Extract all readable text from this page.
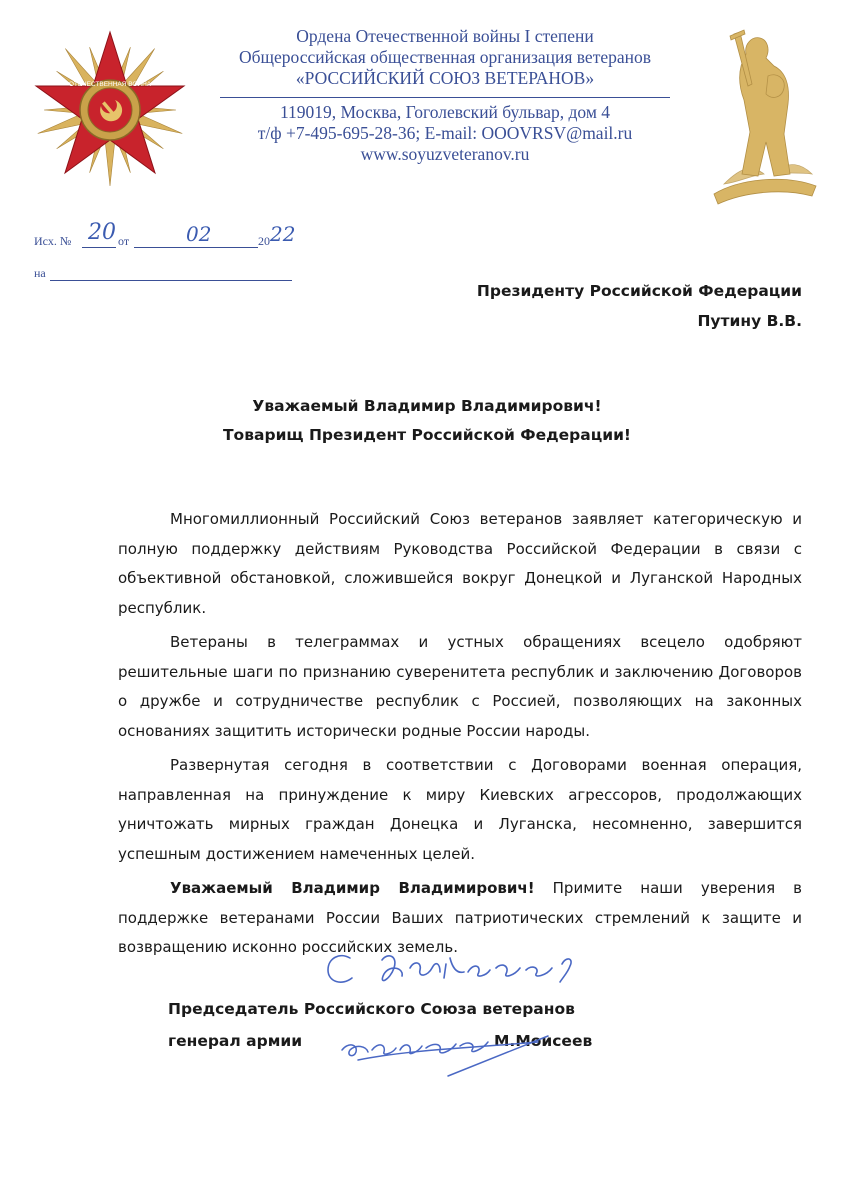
ОТЕЧЕСТВЕННАЯ ВОЙНА
Ордена Отечественной войны I степени
Общероссийская общественная организация ветеранов
«РОССИЙСКИЙ СОЮЗ ВЕТЕРАНОВ»
119019, Москва, Гоголевский бульвар, дом 4
т/ф +7-495-695-28-36; E-mail: OOOVRSV@mail.ru
www.soyuzveteranov.ru
Исх. № 20 от	02	20 22
на
Президенту Российской Федерации
Путину В.В.
Уважаемый Владимир Владимирович!
Товарищ Президент Российской Федерации!

Многомиллионный Российский Союз ветеранов заявляет категорическую и полную поддержку действиям Руководства Российской Федерации в связи с объективной обстановкой, сложившейся вокруг Донецкой и Луганской Народных республик.

Ветераны в телеграммах и устных обращениях всецело одобряют решительные шаги по признанию суверенитета республик и заключению Договоров о дружбе и сотрудничестве республик с Россией, позволяющих на законных основаниях защитить исторически родные России народы.

Развернутая сегодня в соответствии с Договорами военная операция, направленная на принуждение к миру Киевских агрессоров, продолжающих уничтожать мирных граждан Донецка и Луганска, несомненно, завершится успешным достижением намеченных целей.

Уважаемый Владимир Владимирович! Примите наши уверения в поддержке ветеранами России Ваших патриотических стремлений к защите и возвращению исконно российских земель.

Председатель Российского Союза ветеранов
генерал армии	М.Моисеев
